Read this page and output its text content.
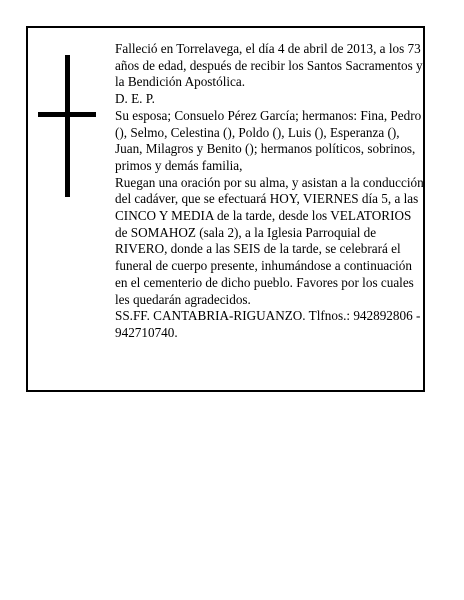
Falleció en Torrelavega, el día 4 de abril de 2013, a los 73 años de edad, después de recibir los Santos Sacramentos y la Bendición Apostólica.

D. E. P.

Su esposa; Consuelo Pérez García; hermanos: Fina, Pedro (), Selmo, Celestina (), Poldo (), Luis (), Esperanza (), Juan, Milagros y Benito (); hermanos políticos, sobrinos, primos y demás familia,

Ruegan una oración por su alma, y asistan a la conducción del cadáver, que se efectuará HOY, VIERNES día 5, a las CINCO Y MEDIA de la tarde, desde los VELATORIOS de SOMAHOZ (sala 2), a la Iglesia Parroquial de RIVERO, donde a las SEIS de la tarde, se celebrará el funeral de cuerpo presente, inhumándose a continuación en el cementerio de dicho pueblo. Favores por los cuales les quedarán agradecidos.

SS.FF. CANTABRIA-RIGUANZO. Tlfnos.: 942892806 - 942710740.
